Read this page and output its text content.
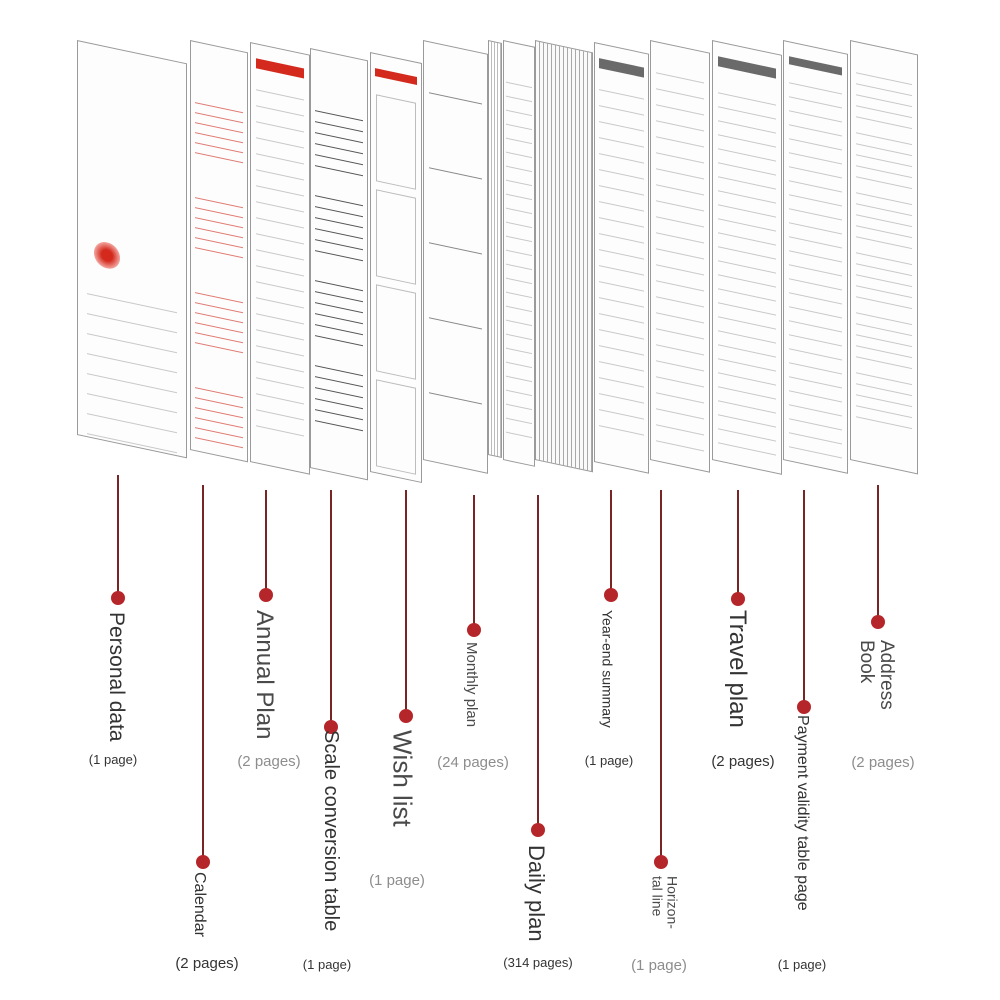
Personal data
(1 page)
Calendar
(2 pages)
Annual Plan
(2 pages) Scale conversion table
(1 page)
Wish list
(1 page)
Monthly plan
(24 pages)
Daily plan
(314 pages)
Year-end summary
(1 page)
Horizon-
tal line
(1 page)
Travel plan
(2 pages) Payment validity table page
(1 page)
Address
Book
(2 pages)
